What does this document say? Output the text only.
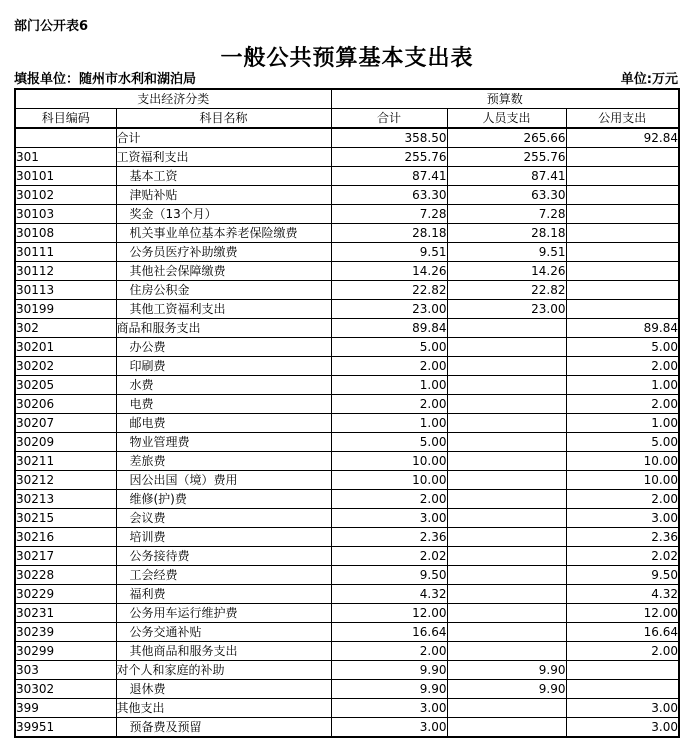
部门公开表6
一般公共预算基本支出表
填报单位：随州市水利和湖泊局	单位:万元
支出经济分类		预算数		
科目编码	科目名称	合计	人员支出	公用支出
	合计	358.50	265.66	92.84
301	工资福利支出	255.76	255.76	
30101	基本工资	87.41	87.41	
30102	津贴补贴	63.30	63.30	
30103	奖金（13个月）	7.28	7.28	
30108	机关事业单位基本养老保险缴费	28.18	28.18	
30111	公务员医疗补助缴费	9.51	9.51	
30112	其他社会保障缴费	14.26	14.26	
30113	住房公积金	22.82	22.82	
30199	其他工资福利支出	23.00	23.00	
302	商品和服务支出	89.84		89.84
30201	办公费	5.00		5.00
30202	印刷费	2.00		2.00
30205	水费	1.00		1.00
30206	电费	2.00		2.00
30207	邮电费	1.00		1.00
30209	物业管理费	5.00		5.00
30211	差旅费	10.00		10.00
30212	因公出国（境）费用	10.00		10.00
30213	维修(护)费	2.00		2.00
30215	会议费	3.00		3.00
30216	培训费	2.36		2.36
30217	公务接待费	2.02		2.02
30228	工会经费	9.50		9.50
30229	福利费	4.32		4.32
30231	公务用车运行维护费	12.00		12.00
30239	公务交通补贴	16.64		16.64
30299	其他商品和服务支出	2.00		2.00
303	对个人和家庭的补助	9.90	9.90	
30302	退休费	9.90	9.90	
399	其他支出	3.00		3.00
39951	预备费及预留	3.00		3.00
